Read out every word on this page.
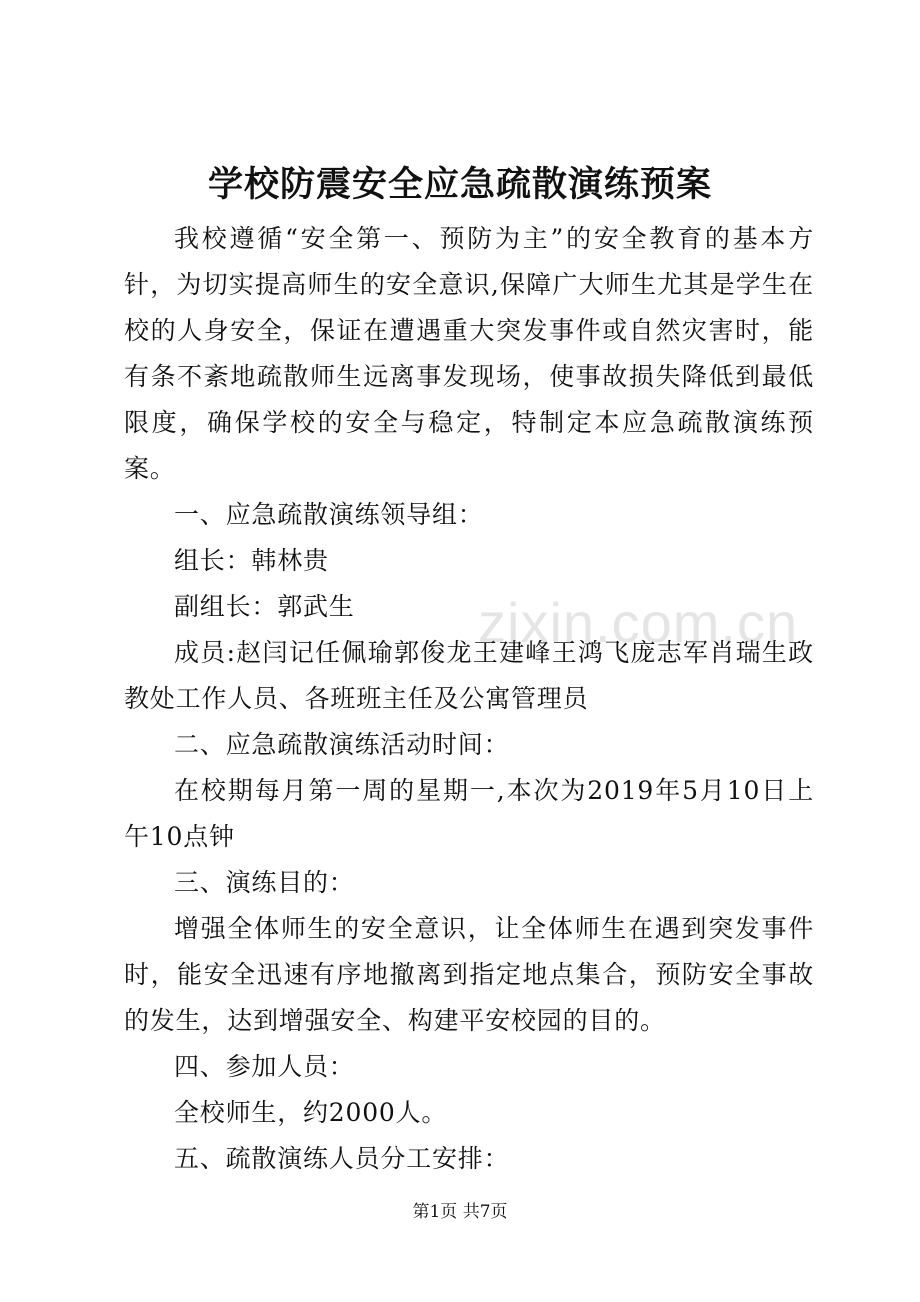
学校防震安全应急疏散演练预案

我校遵循“安全第一、预防为主”的安全教育的基本方针，为切实提高师生的安全意识,保障广大师生尤其是学生在校的人身安全，保证在遭遇重大突发事件或自然灾害时，能有条不紊地疏散师生远离事发现场，使事故损失降低到最低限度，确保学校的安全与稳定，特制定本应急疏散演练预案。

一、应急疏散演练领导组：

组长：韩林贵

副组长：郭武生

成员:赵闫记任佩瑜郭俊龙王建峰王鸿飞庞志军肖瑞生政教处工作人员、各班班主任及公寓管理员

二、应急疏散演练活动时间：

在校期每月第一周的星期一,本次为2019年5月10日上午10点钟

三、演练目的：

增强全体师生的安全意识，让全体师生在遇到突发事件时，能安全迅速有序地撤离到指定地点集合，预防安全事故的发生，达到增强安全、构建平安校园的目的。

四、参加人员：

全校师生，约2000人。

五、疏散演练人员分工安排：

zixin.com.cn
第1页 共7页
